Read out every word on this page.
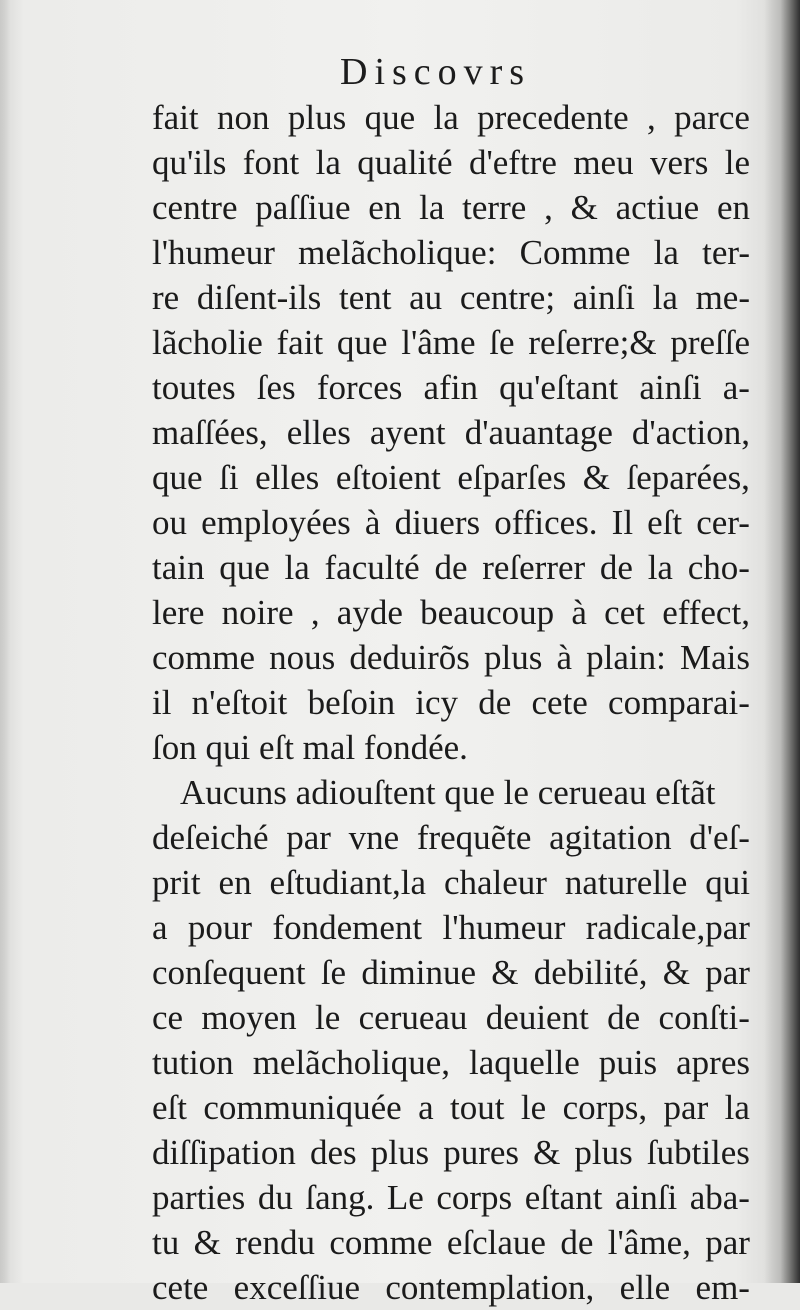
Discovrs
fait non plus que la precedente , parce
qu'ils font la qualité d'eftre meu vers le
centre paſſiue en la terre , & actiue en
l'humeur melãcholique: Comme la ter-
re diſent-ils tent au centre; ainſi la me-
lãcholie fait que l'âme ſe reſerre;& preſſe
toutes ſes forces afin qu'eſtant ainſi a-
maſſées, elles ayent d'auantage d'action,
que ſi elles eſtoient eſparſes & ſeparées,
ou employées à diuers offices. Il eſt cer-
tain que la faculté de reſerrer de la cho-
lere noire , ayde beaucoup à cet effect,
comme nous deduirõs plus à plain: Mais
il n'eſtoit beſoin icy de cete comparai-
ſon qui eſt mal fondée.
Aucuns adiouſtent que le cerueau eſtãt
deſeiché par vne frequẽte agitation d'eſ-
prit en eſtudiant,la chaleur naturelle qui
a pour fondement l'humeur radicale,par
conſequent ſe diminue & debilité, & par
ce moyen le cerueau deuient de conſti-
tution melãcholique, laquelle puis apres
eſt communiquée a tout le corps, par la
diſſipation des plus pures & plus ſubtiles
parties du ſang. Le corps eſtant ainſi aba-
tu & rendu comme eſclaue de l'âme, par
cete exceſſiue contemplation, elle em-
